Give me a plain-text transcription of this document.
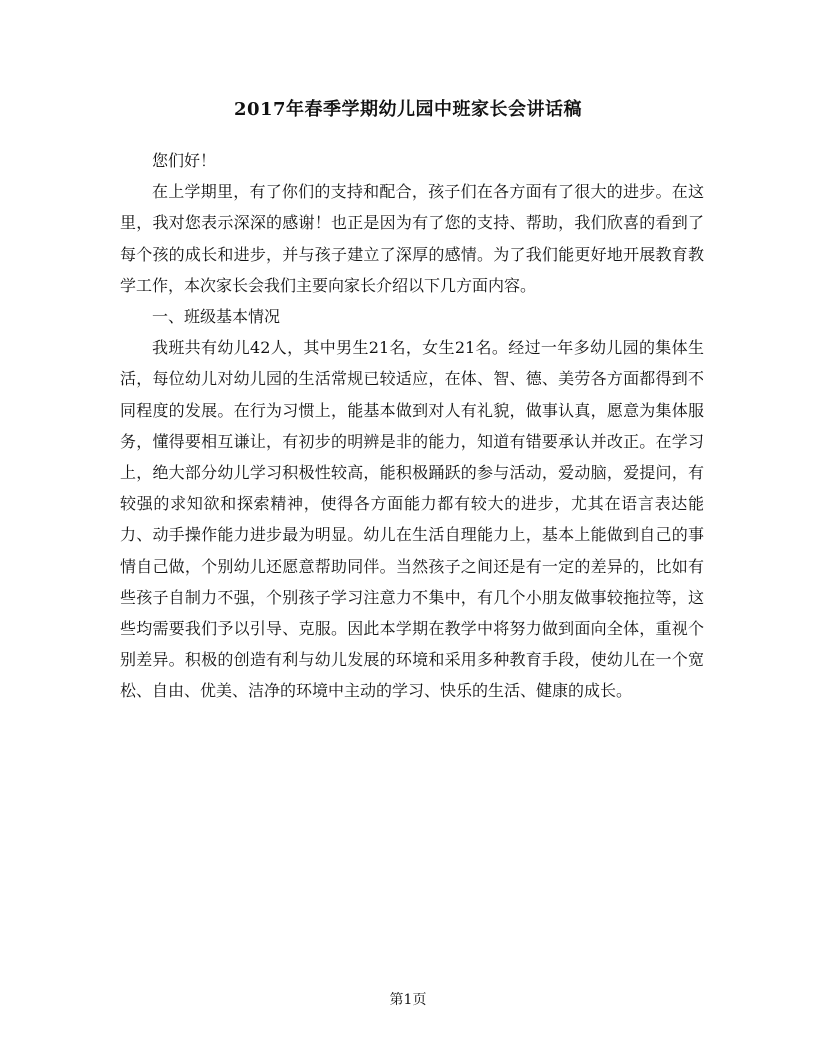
2017年春季学期幼儿园中班家长会讲话稿

您们好！

在上学期里，有了你们的支持和配合，孩子们在各方面有了很大的进步。在这里，我对您表示深深的感谢！也正是因为有了您的支持、帮助，我们欣喜的看到了每个孩的成长和进步，并与孩子建立了深厚的感情。为了我们能更好地开展教育教学工作，本次家长会我们主要向家长介绍以下几方面内容。

一、班级基本情况

我班共有幼儿42人，其中男生21名，女生21名。经过一年多幼儿园的集体生活，每位幼儿对幼儿园的生活常规已较适应，在体、智、德、美劳各方面都得到不同程度的发展。在行为习惯上，能基本做到对人有礼貌，做事认真，愿意为集体服务，懂得要相互谦让，有初步的明辨是非的能力，知道有错要承认并改正。在学习上，绝大部分幼儿学习积极性较高，能积极踊跃的参与活动，爱动脑，爱提问，有较强的求知欲和探索精神，使得各方面能力都有较大的进步，尤其在语言表达能力、动手操作能力进步最为明显。幼儿在生活自理能力上，基本上能做到自己的事情自己做，个别幼儿还愿意帮助同伴。当然孩子之间还是有一定的差异的，比如有些孩子自制力不强，个别孩子学习注意力不集中，有几个小朋友做事较拖拉等，这些均需要我们予以引导、克服。因此本学期在教学中将努力做到面向全体，重视个别差异。积极的创造有利与幼儿发展的环境和采用多种教育手段，使幼儿在一个宽松、自由、优美、洁净的环境中主动的学习、快乐的生活、健康的成长。

第1页
